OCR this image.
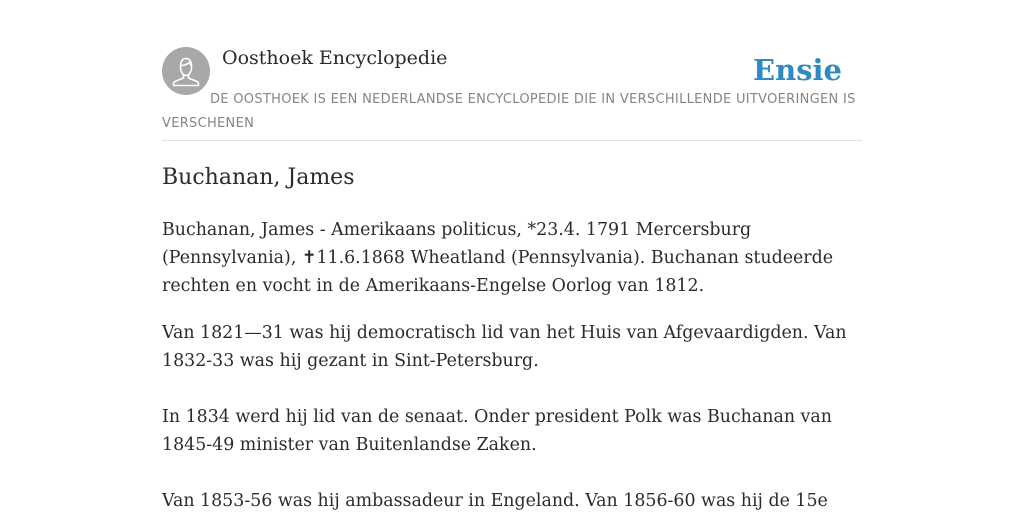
Oosthoek Encyclopedie	Ensie

DE OOSTHOEK IS EEN NEDERLANDSE ENCYCLOPEDIE DIE IN VERSCHILLENDE UITVOERINGEN IS VERSCHENEN

Buchanan, James

Buchanan, James - Amerikaans politicus, *23.4. 1791 Mercersburg (Pennsylvania), ✝11.6.1868 Wheatland (Pennsylvania). Buchanan studeerde rechten en vocht in de Amerikaans-Engelse Oorlog van 1812.

Van 1821—31 was hij democratisch lid van het Huis van Afgevaardigden. Van 1832-33 was hij gezant in Sint-Petersburg.

In 1834 werd hij lid van de senaat. Onder president Polk was Buchanan van 1845-49 minister van Buitenlandse Zaken.

Van 1853-56 was hij ambassadeur in Engeland. Van 1856-60 was hij de 15e
